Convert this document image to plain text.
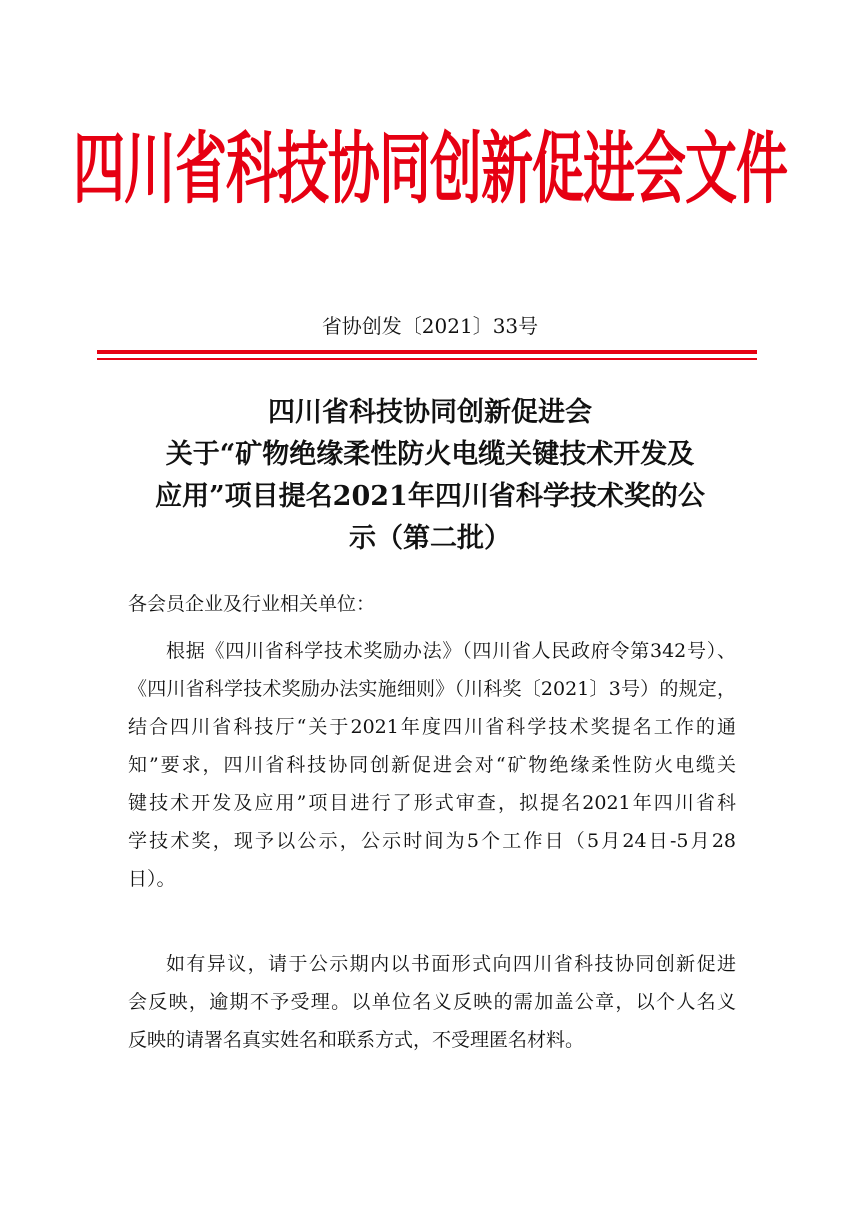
四川省科技协同创新促进会文件
省协创发〔2021〕33号
四川省科技协同创新促进会
关于“矿物绝缘柔性防火电缆关键技术开发及
应用”项目提名2021年四川省科学技术奖的公
示（第二批）
各会员企业及行业相关单位：
根据《四川省科学技术奖励办法》（四川省人民政府令第342号）、
《四川省科学技术奖励办法实施细则》（川科奖〔2021〕3号）的规定，
结合四川省科技厅“关于2021年度四川省科学技术奖提名工作的通
知”要求，四川省科技协同创新促进会对“矿物绝缘柔性防火电缆关
键技术开发及应用”项目进行了形式审查，拟提名2021年四川省科
学技术奖，现予以公示，公示时间为5个工作日（5月24日-5月28
日）。
如有异议，请于公示期内以书面形式向四川省科技协同创新促进
会反映，逾期不予受理。以单位名义反映的需加盖公章，以个人名义
反映的请署名真实姓名和联系方式，不受理匿名材料。
